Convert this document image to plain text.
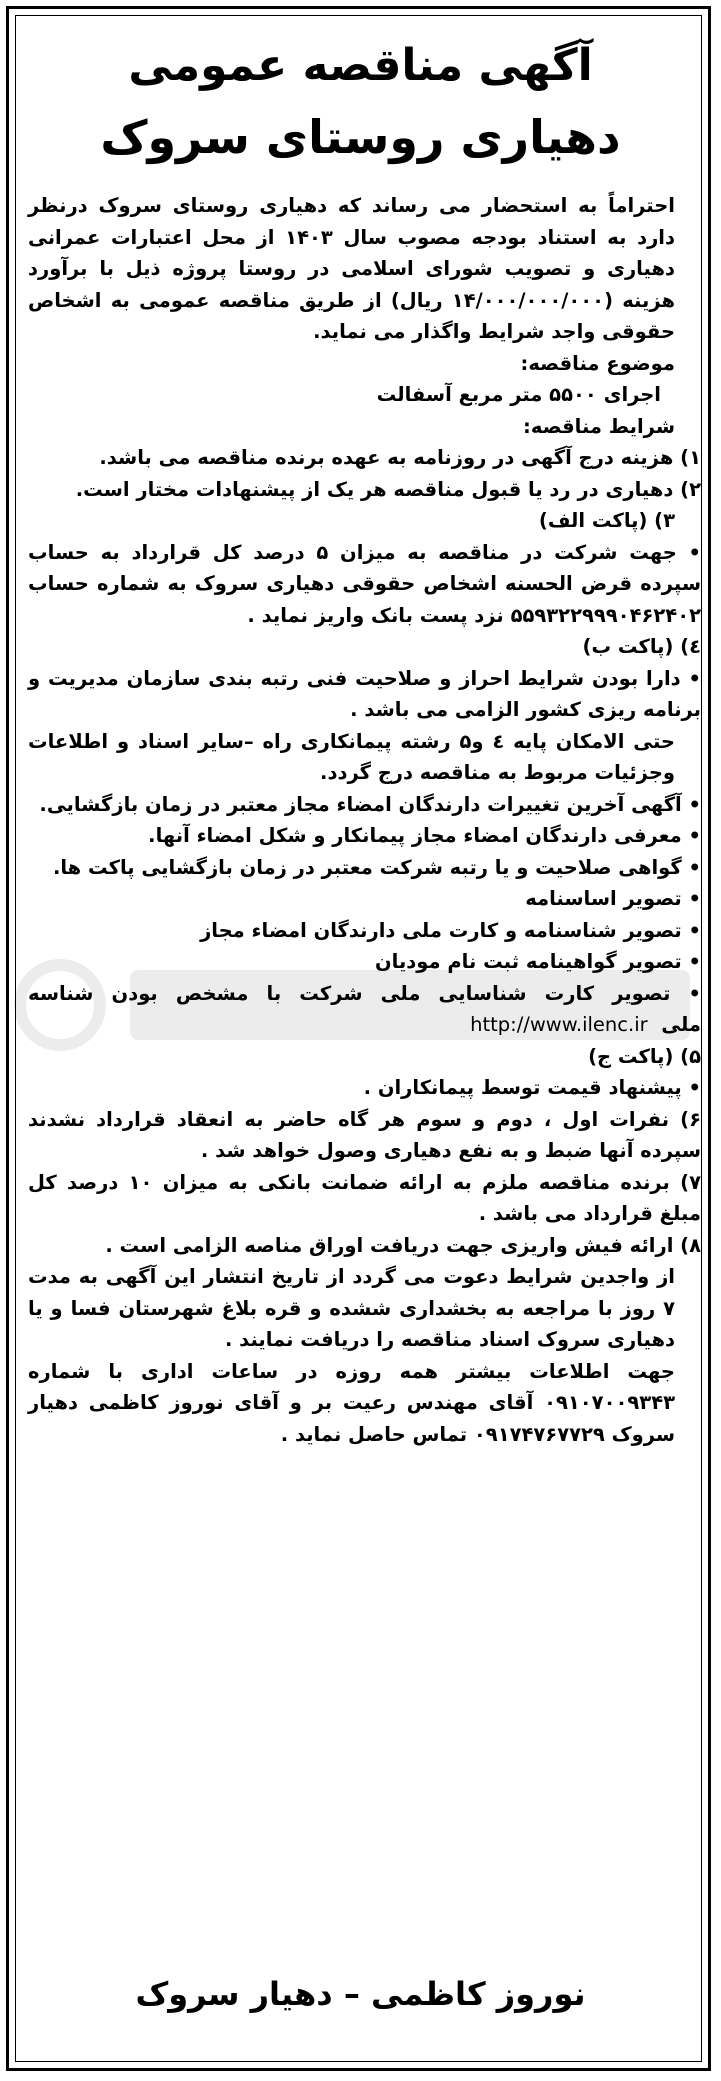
آگهی مناقصه عمومی
دهیاری روستای سروک

احتراماً به استحضار می رساند که دهیاری روستای سروک درنظر دارد به استناد بودجه مصوب سال ۱۴۰۳ از محل اعتبارات عمرانی دهیاری و تصویب شورای اسلامی در روستا پروژه ذیل با برآورد هزینه (۱۴/۰۰۰/۰۰۰/۰۰۰ ریال) از طریق مناقصه عمومی به اشخاص حقوقی واجد شرایط واگذار می نماید.

موضوع مناقصه:

اجرای ۵۵۰۰ متر مربع آسفالت

شرایط مناقصه:

۱) هزینه درج آگهی در روزنامه به عهده برنده مناقصه می باشد.

۲) دهیاری در رد یا قبول مناقصه هر یک از پیشنهادات مختار است.

۳) (پاکت الف)

• جهت شرکت در مناقصه به میزان ۵ درصد کل قرارداد به حساب سپرده قرض الحسنه اشخاص حقوقی دهیاری سروک به شماره حساب ۵۵۹۳۲۲۹۹۹۰۴۶۲۴۰۲ نزد پست بانک واریز نماید .

٤) (پاکت ب)

• دارا بودن شرایط احراز و صلاحیت فنی رتبه بندی سازمان مدیریت و برنامه ریزی کشور الزامی می باشد .

حتی الامکان پایه ٤ و۵ رشته پیمانکاری راه –سایر اسناد و اطلاعات وجزئیات مربوط به مناقصه درج گردد.

• آگهی آخرین تغییرات دارندگان امضاء مجاز معتبر در زمان بازگشایی.

• معرفی دارندگان امضاء مجاز پیمانکار و شکل امضاء آنها.

• گواهی صلاحیت و یا رتبه شرکت معتبر در زمان بازگشایی پاکت ها.

• تصویر اساسنامه

• تصویر شناسنامه و کارت ملی دارندگان امضاء مجاز

• تصویر گواهینامه ثبت نام مودیان

• تصویر کارت شناسایی ملی شرکت با مشخص بودن شناسه ملی  http://www.ilenc.ir

۵) (پاکت ج)

• پیشنهاد قیمت توسط پیمانکاران .

۶) نفرات اول ، دوم و سوم هر گاه حاضر به انعقاد قرارداد نشدند سپرده آنها ضبط و به نفع دهیاری وصول خواهد شد .

۷) برنده مناقصه ملزم به ارائه ضمانت بانکی به میزان ۱۰ درصد کل مبلغ قرارداد می باشد .

۸) ارائه فیش واریزی جهت دریافت اوراق مناصه الزامی است .

از واجدین شرایط دعوت می گردد از تاریخ انتشار این آگهی به مدت ۷ روز با مراجعه به بخشداری ششده و قره بلاغ شهرستان فسا و یا دهیاری سروک اسناد مناقصه را دریافت نمایند .

جهت اطلاعات بیشتر همه روزه در ساعات اداری با شماره ۰۹۱۰۷۰۰۹۳۴۳ آقای مهندس رعیت بر و آقای نوروز کاظمی دهیار سروک ۰۹۱۷۴۷۶۷۷۲۹ تماس حاصل نماید .

نوروز کاظمی – دهیار سروک
